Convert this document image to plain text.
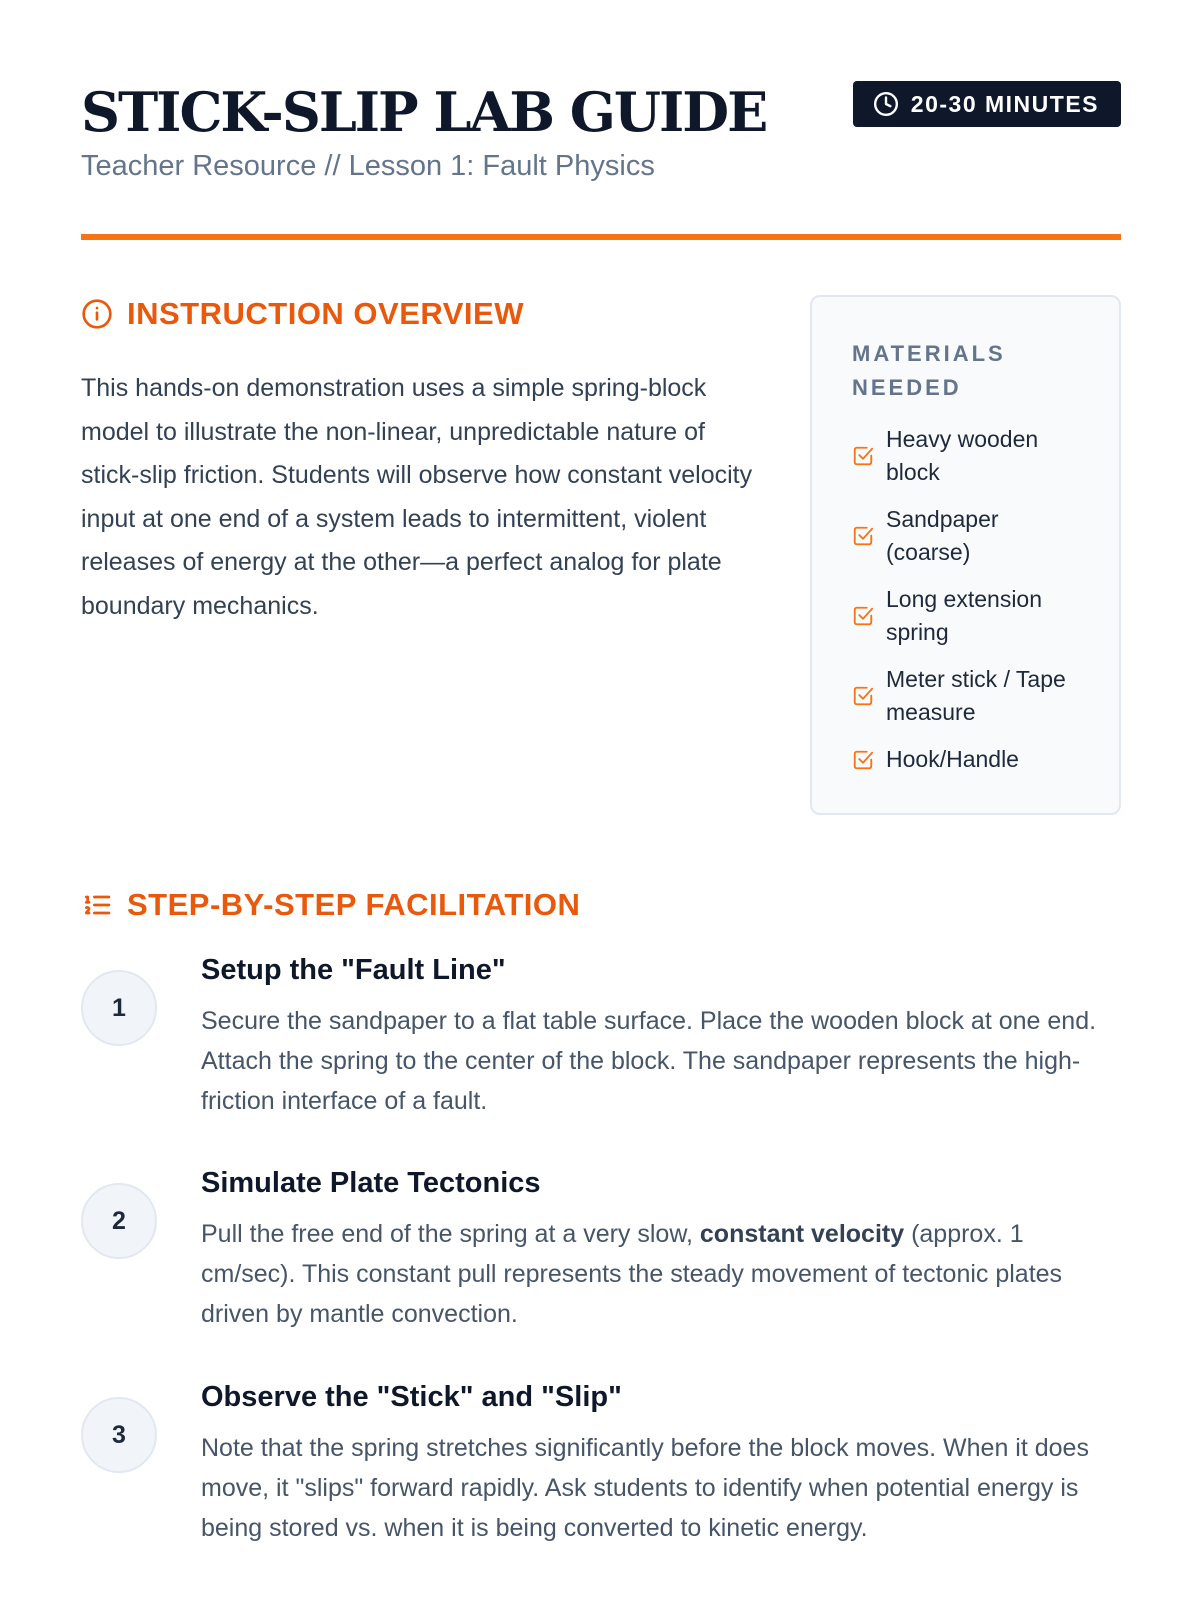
STICK-SLIP LAB GUIDE
Teacher Resource // Lesson 1: Fault Physics
20-30 MINUTES
INSTRUCTION OVERVIEW

This hands-on demonstration uses a simple spring-block model to illustrate the non-linear, unpredictable nature of stick-slip friction. Students will observe how constant velocity input at one end of a system leads to intermittent, violent releases of energy at the other—a perfect analog for plate boundary mechanics.

MATERIALS NEEDED
Heavy wooden block
Sandpaper (coarse)
Long extension spring
Meter stick / Tape measure
Hook/Handle
STEP-BY-STEP FACILITATION
1
Setup the "Fault Line"

Secure the sandpaper to a flat table surface. Place the wooden block at one end. Attach the spring to the center of the block. The sandpaper represents the high-friction interface of a fault.

2
Simulate Plate Tectonics

Pull the free end of the spring at a very slow, constant velocity (approx. 1 cm/sec). This constant pull represents the steady movement of tectonic plates driven by mantle convection.

3
Observe the "Stick" and "Slip"

Note that the spring stretches significantly before the block moves. When it does move, it "slips" forward rapidly. Ask students to identify when potential energy is being stored vs. when it is being converted to kinetic energy.
